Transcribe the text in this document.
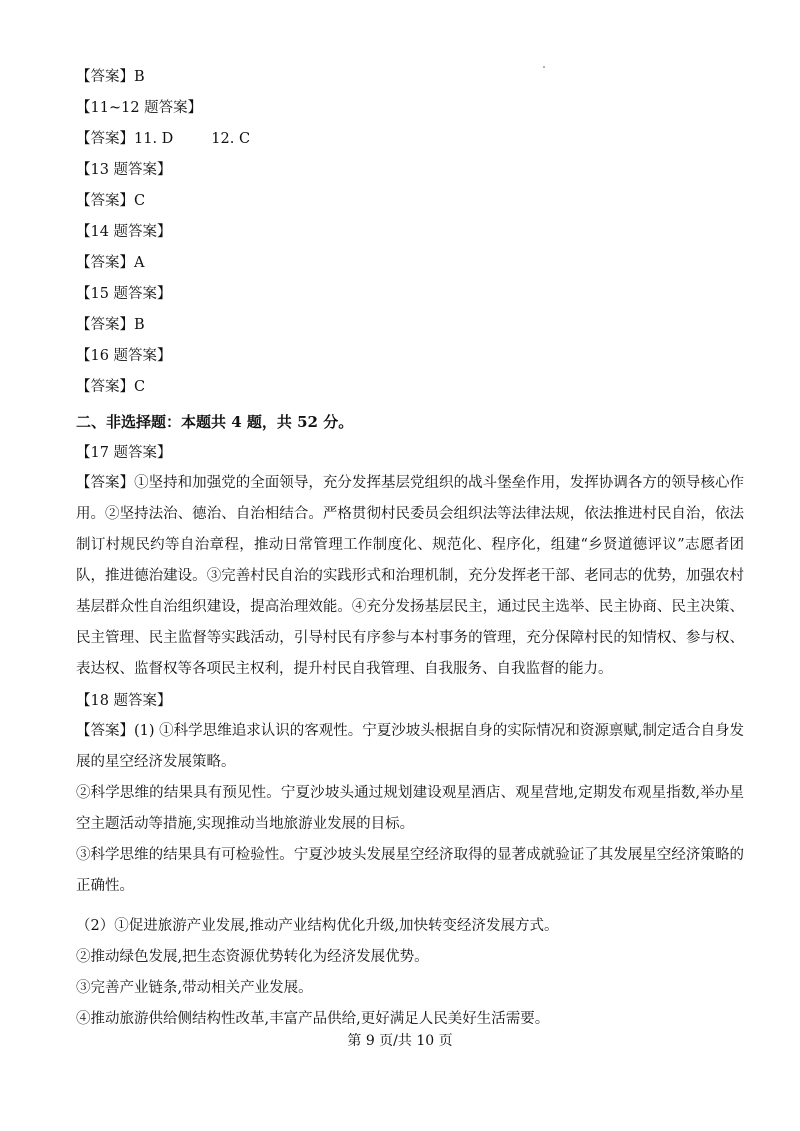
【答案】B
【11~12 题答案】
【答案】11. D	12. C
【13 题答案】
【答案】C
【14 题答案】
【答案】A
【15 题答案】
【答案】B
【16 题答案】
【答案】C
二、非选择题：本题共 4 题，共 52 分。
【17 题答案】
【答案】①坚持和加强党的全面领导，充分发挥基层党组织的战斗堡垒作用，发挥协调各方的领导核心作用。②坚持法治、德治、自治相结合。严格贯彻村民委员会组织法等法律法规，依法推进村民自治，依法制订村规民约等自治章程，推动日常管理工作制度化、规范化、程序化，组建“乡贤道德评议”志愿者团队，推进德治建设。③完善村民自治的实践形式和治理机制，充分发挥老干部、老同志的优势，加强农村基层群众性自治组织建设，提高治理效能。④充分发扬基层民主，通过民主选举、民主协商、民主决策、民主管理、民主监督等实践活动，引导村民有序参与本村事务的管理，充分保障村民的知情权、参与权、表达权、监督权等各项民主权利，提升村民自我管理、自我服务、自我监督的能力。
【18 题答案】
【答案】(1) ①科学思维追求认识的客观性。宁夏沙坡头根据自身的实际情况和资源禀赋,制定适合自身发展的星空经济发展策略。
②科学思维的结果具有预见性。宁夏沙坡头通过规划建设观星酒店、观星营地,定期发布观星指数,举办星空主题活动等措施,实现推动当地旅游业发展的目标。
③科学思维的结果具有可检验性。宁夏沙坡头发展星空经济取得的显著成就验证了其发展星空经济策略的正确性。
（2）①促进旅游产业发展,推动产业结构优化升级,加快转变经济发展方式。
②推动绿色发展,把生态资源优势转化为经济发展优势。
③完善产业链条,带动相关产业发展。
④推动旅游供给侧结构性改革,丰富产品供给,更好满足人民美好生活需要。
第 9 页/共 10 页
